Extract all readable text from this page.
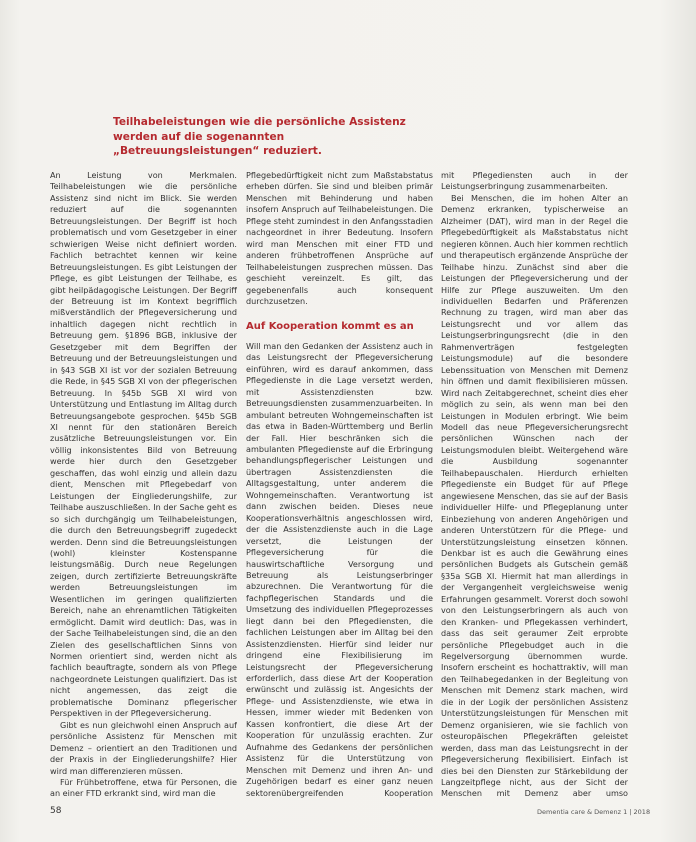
Teilhabeleistungen wie die persönliche Assistenz
werden auf die sogenannten
„Betreuungsleistungen“ reduziert.

An Leistung von Merkmalen. Teilhabeleistungen wie die persönliche Assistenz sind nicht im Blick. Sie werden reduziert auf die sogenannten Betreuungsleistungen. Der Begriff ist hoch problematisch und vom Gesetzgeber in einer schwierigen Weise nicht definiert worden. Fachlich betrachtet kennen wir keine Betreuungsleistungen. Es gibt Leistungen der Pflege, es gibt Leistungen der Teilhabe, es gibt heilpädagogische Leistungen. Der Begriff der Betreuung ist im Kontext begrifflich mißverständlich der Pflegeversicherung und inhaltlich dagegen nicht rechtlich in Betreuung gem. §1896 BGB, inklusive der Gesetzgeber mit dem Begriffen der Betreuung und der Betreuungsleistungen und in §43 SGB XI ist vor der sozialen Betreuung die Rede, in §45 SGB XI von der pflegerischen Betreuung. In §45b SGB XI wird von Unterstützung und Entlastung im Alltag durch Betreuungsangebote gesprochen. §45b SGB XI nennt für den stationären Bereich zusätzliche Betreuungsleistungen vor. Ein völlig inkonsistentes Bild von Betreuung werde hier durch den Gesetzgeber geschaffen, das wohl einzig und allein dazu dient, Menschen mit Pflegebedarf von Leistungen der Eingliederungshilfe, zur Teilhabe auszuschließen. In der Sache geht es so sich durchgängig um Teilhabeleistungen, die durch den Betreuungsbegriff zugedeckt werden. Denn sind die Betreuungsleistungen (wohl) kleinster Kostenspanne leistungsmäßig. Durch neue Regelungen zeigen, durch zertifizierte Betreuungskräfte werden Betreuungsleistungen im Wesentlichen im geringen qualifizierten Bereich, nahe an ehrenamtlichen Tätigkeiten ermöglicht. Damit wird deutlich: Das, was in der Sache Teilhabeleistungen sind, die an den Zielen des gesellschaftlichen Sinns von Normen orientiert sind, werden nicht als fachlich beauftragte, sondern als von Pflege nachgeordnete Leistungen qualifiziert. Das ist nicht angemessen, das zeigt die problematische Dominanz pflegerischer Perspektiven in der Pflegeversicherung.

Gibt es nun gleichwohl einen Anspruch auf persönliche Assistenz für Menschen mit Demenz – orientiert an den Traditionen und der Praxis in der Eingliederungshilfe? Hier wird man differenzieren müssen.

Für Frühbetroffene, etwa für Personen, die an einer FTD erkrankt sind, wird man die

Pflegebedürftigkeit nicht zum Maßstabstatus erheben dürfen. Sie sind und bleiben primär Menschen mit Behinderung und haben insofern Anspruch auf Teilhabeleistungen. Die Pflege steht zumindest in den Anfangsstadien nachgeordnet in ihrer Bedeutung. Insofern wird man Menschen mit einer FTD und anderen frühbetroffenen Ansprüche auf Teilhabeleistungen zusprechen müssen. Das geschieht vereinzelt. Es gilt, das gegebenenfalls auch konsequent durchzusetzen.

Auf Kooperation kommt es an

Will man den Gedanken der Assistenz auch in das Leistungsrecht der Pflegeversicherung einführen, wird es darauf ankommen, dass Pflegedienste in die Lage versetzt werden, mit Assistenzdiensten bzw. Betreuungsdiensten zusammenzuarbeiten. In ambulant betreuten Wohngemeinschaften ist das etwa in Baden-Württemberg und Berlin der Fall. Hier beschränken sich die ambulanten Pflegedienste auf die Erbringung behandlungspflegerischer Leistungen und übertragen Assistenzdiensten die Alltagsgestaltung, unter anderem die Wohngemeinschaften. Verantwortung ist dann zwischen beiden. Dieses neue Kooperationsverhältnis angeschlossen wird, der die Assistenzdienste auch in die Lage versetzt, die Leistungen der Pflegeversicherung für die hauswirtschaftliche Versorgung und Betreuung als Leistungserbringer abzurechnen. Die Verantwortung für die fachpflegerischen Standards und die Umsetzung des individuellen Pflegeprozesses liegt dann bei den Pflegediensten, die fachlichen Leistungen aber im Alltag bei den Assistenzdiensten. Hierfür sind leider nur dringend eine Flexibilisierung im Leistungsrecht der Pflegeversicherung erforderlich, dass diese Art der Kooperation erwünscht und zulässig ist. Angesichts der Pflege- und Assistenzdienste, wie etwa in Hessen, immer wieder mit Bedenken von Kassen konfrontiert, die diese Art der Kooperation für unzulässig erachten. Zur Aufnahme des Gedankens der persönlichen Assistenz für die Unterstützung von Menschen mit Demenz und ihren An- und Zugehörigen bedarf es einer ganz neuen sektorenübergreifenden Kooperation

mit Pflegediensten auch in der Leistungserbringung zusammenarbeiten.

Bei Menschen, die im hohen Alter an Demenz erkranken, typischerweise an Alzheimer (DAT), wird man in der Regel die Pflegebedürftigkeit als Maßstabstatus nicht negieren können. Auch hier kommen rechtlich und therapeutisch ergänzende Ansprüche der Teilhabe hinzu. Zunächst sind aber die Leistungen der Pflegeversicherung und der Hilfe zur Pflege auszuweiten. Um den individuellen Bedarfen und Präferenzen Rechnung zu tragen, wird man aber das Leistungsrecht und vor allem das Leistungserbringungsrecht (die in den Rahmenverträgen festgelegten Leistungsmodule) auf die besondere Lebenssituation von Menschen mit Demenz hin öffnen und damit flexibilisieren müssen. Wird nach Zeitabgerechnet, scheint dies eher möglich zu sein, als wenn man bei den Leistungen in Modulen erbringt. Wie beim Modell das neue Pflegeversicherungsrecht persönlichen Wünschen nach der Leistungsmodulen bleibt. Weitergehend wäre die Ausbildung sogenannter Teilhabepauschalen. Hierdurch erhielten Pflegedienste ein Budget für auf Pflege angewiesene Menschen, das sie auf der Basis individueller Hilfe- und Pflegeplanung unter Einbeziehung von anderen Angehörigen und anderen Unterstützern für die Pflege- und Unterstützungsleistung einsetzen können. Denkbar ist es auch die Gewährung eines persönlichen Budgets als Gutschein gemäß §35a SGB XI. Hiermit hat man allerdings in der Vergangenheit vergleichsweise wenig Erfahrungen gesammelt. Vorerst doch sowohl von den Leistungserbringern als auch von den Kranken- und Pflegekassen verhindert, dass das seit geraumer Zeit erprobte persönliche Pflegebudget auch in die Regelversorgung übernommen wurde. Insofern erscheint es hochattraktiv, will man den Teilhabegedanken in der Begleitung von Menschen mit Demenz stark machen, wird die in der Logik der persönlichen Assistenz Unterstützungsleistungen für Menschen mit Demenz organisieren, wie sie fachlich von osteuropäischen Pflegekräften geleistet werden, dass man das Leistungsrecht in der Pflegeversicherung flexibilisiert. Einfach ist dies bei den Diensten zur Stärkebildung der Langzeitpflege nicht, aus der Sicht der Menschen mit Demenz aber umso

58	Dementia care & Demenz 1 | 2018
